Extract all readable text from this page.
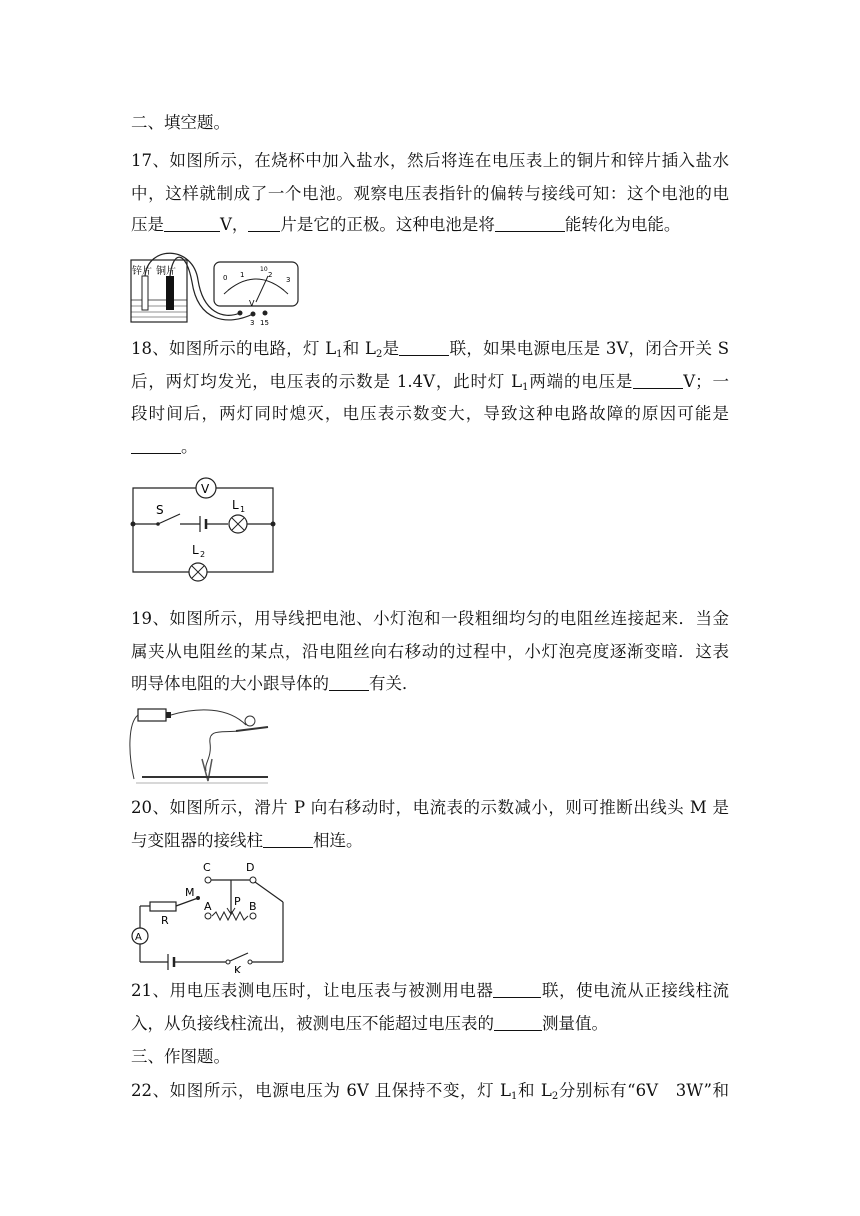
二、填空题。
17、如图所示，在烧杯中加入盐水，然后将连在电压表上的铜片和锌片插入盐水
中，这样就制成了一个电池。观察电压表指针的偏转与接线可知：这个电池的电
压是	V， 片是它的正极。这种电池是将	能转化为电能。
锌片 铜片
0 1	2
3
10
V
3 15
18、如图所示的电路，灯 $L_1$和 $L_2$是	联，如果电源电压是 3V，闭合开关 S
后，两灯均发光，电压表的示数是 1.4V，此时灯 $L_1$两端的电压是	V；一
段时间后，两灯同时熄灭，电压表示数变大，导致这种电路故障的原因可能是
。
V
S	L 1
L 2
19、如图所示，用导线把电池、小灯泡和一段粗细均匀的电阻丝连接起来．当金
属夹从电阻丝的某点，沿电阻丝向右移动的过程中，小灯泡亮度逐渐变暗．这表
明导体电阻的大小跟导体的 有关．
20、如图所示，滑片 P 向右移动时，电流表的示数减小，则可推断出线头 M 是
与变阻器的接线柱	相连。
C	D
A P B
M
R
A
K
21、用电压表测电压时，让电压表与被测用电器	联，使电流从正接线柱流
入，从负接线柱流出，被测电压不能超过电压表的	测量值。
三、作图题。
22、如图所示，电源电压为 6V 且保持不变，灯 $L_1$和 $L_2$分别标有“6V　3W”和
